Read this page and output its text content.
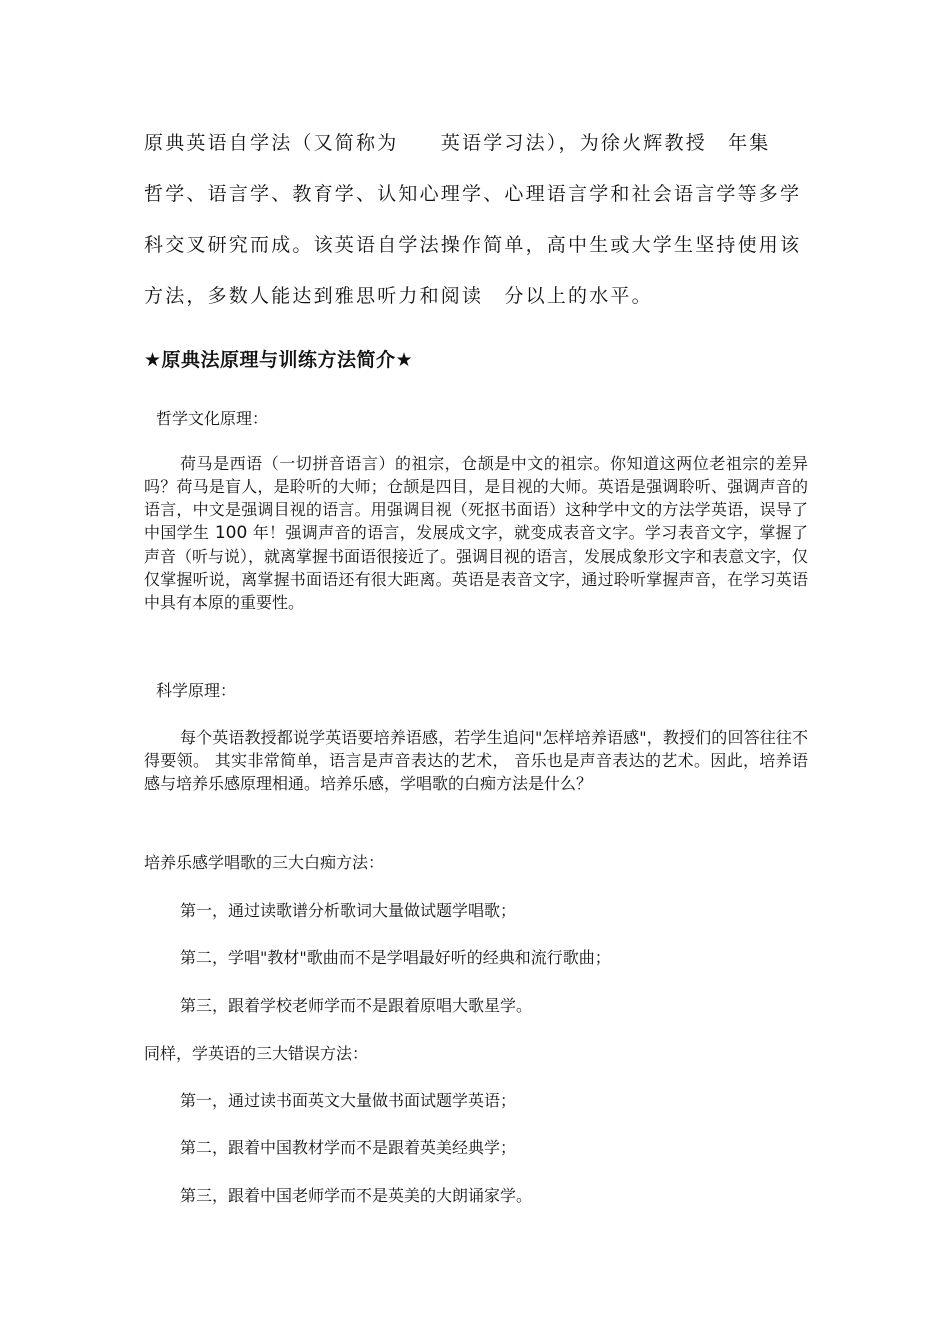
原典英语自学法（又简称为　　英语学习法），为徐火辉教授　年集

哲学、语言学、教育学、认知心理学、心理语言学和社会语言学等多学

科交叉研究而成。该英语自学法操作简单，高中生或大学生坚持使用该

方法，多数人能达到雅思听力和阅读　分以上的水平。

★原典法原理与训练方法简介★
哲学文化原理：
荷马是西语（一切拼音语言）的祖宗，仓颉是中文的祖宗。你知道这两位老祖宗的差异吗？荷马是盲人，是聆听的大师；仓颉是四目，是目视的大师。英语是强调聆听、强调声音的语言，中文是强调目视的语言。用强调目视（死抠书面语）这种学中文的方法学英语，误导了中国学生 100 年！强调声音的语言，发展成文字，就变成表音文字。学习表音文字，掌握了声音（听与说），就离掌握书面语很接近了。强调目视的语言，发展成象形文字和表意文字，仅仅掌握听说，离掌握书面语还有很大距离。英语是表音文字，通过聆听掌握声音，在学习英语中具有本原的重要性。
科学原理：
每个英语教授都说学英语要培养语感，若学生追问"怎样培养语感"，教授们的回答往往不得要领。 其实非常简单，语言是声音表达的艺术， 音乐也是声音表达的艺术。因此，培养语感与培养乐感原理相通。培养乐感，学唱歌的白痴方法是什么？
培养乐感学唱歌的三大白痴方法：
第一，通过读歌谱分析歌词大量做试题学唱歌；
第二，学唱"教材"歌曲而不是学唱最好听的经典和流行歌曲；
第三，跟着学校老师学而不是跟着原唱大歌星学。
同样，学英语的三大错误方法：
第一，通过读书面英文大量做书面试题学英语；
第二，跟着中国教材学而不是跟着英美经典学；
第三，跟着中国老师学而不是英美的大朗诵家学。
